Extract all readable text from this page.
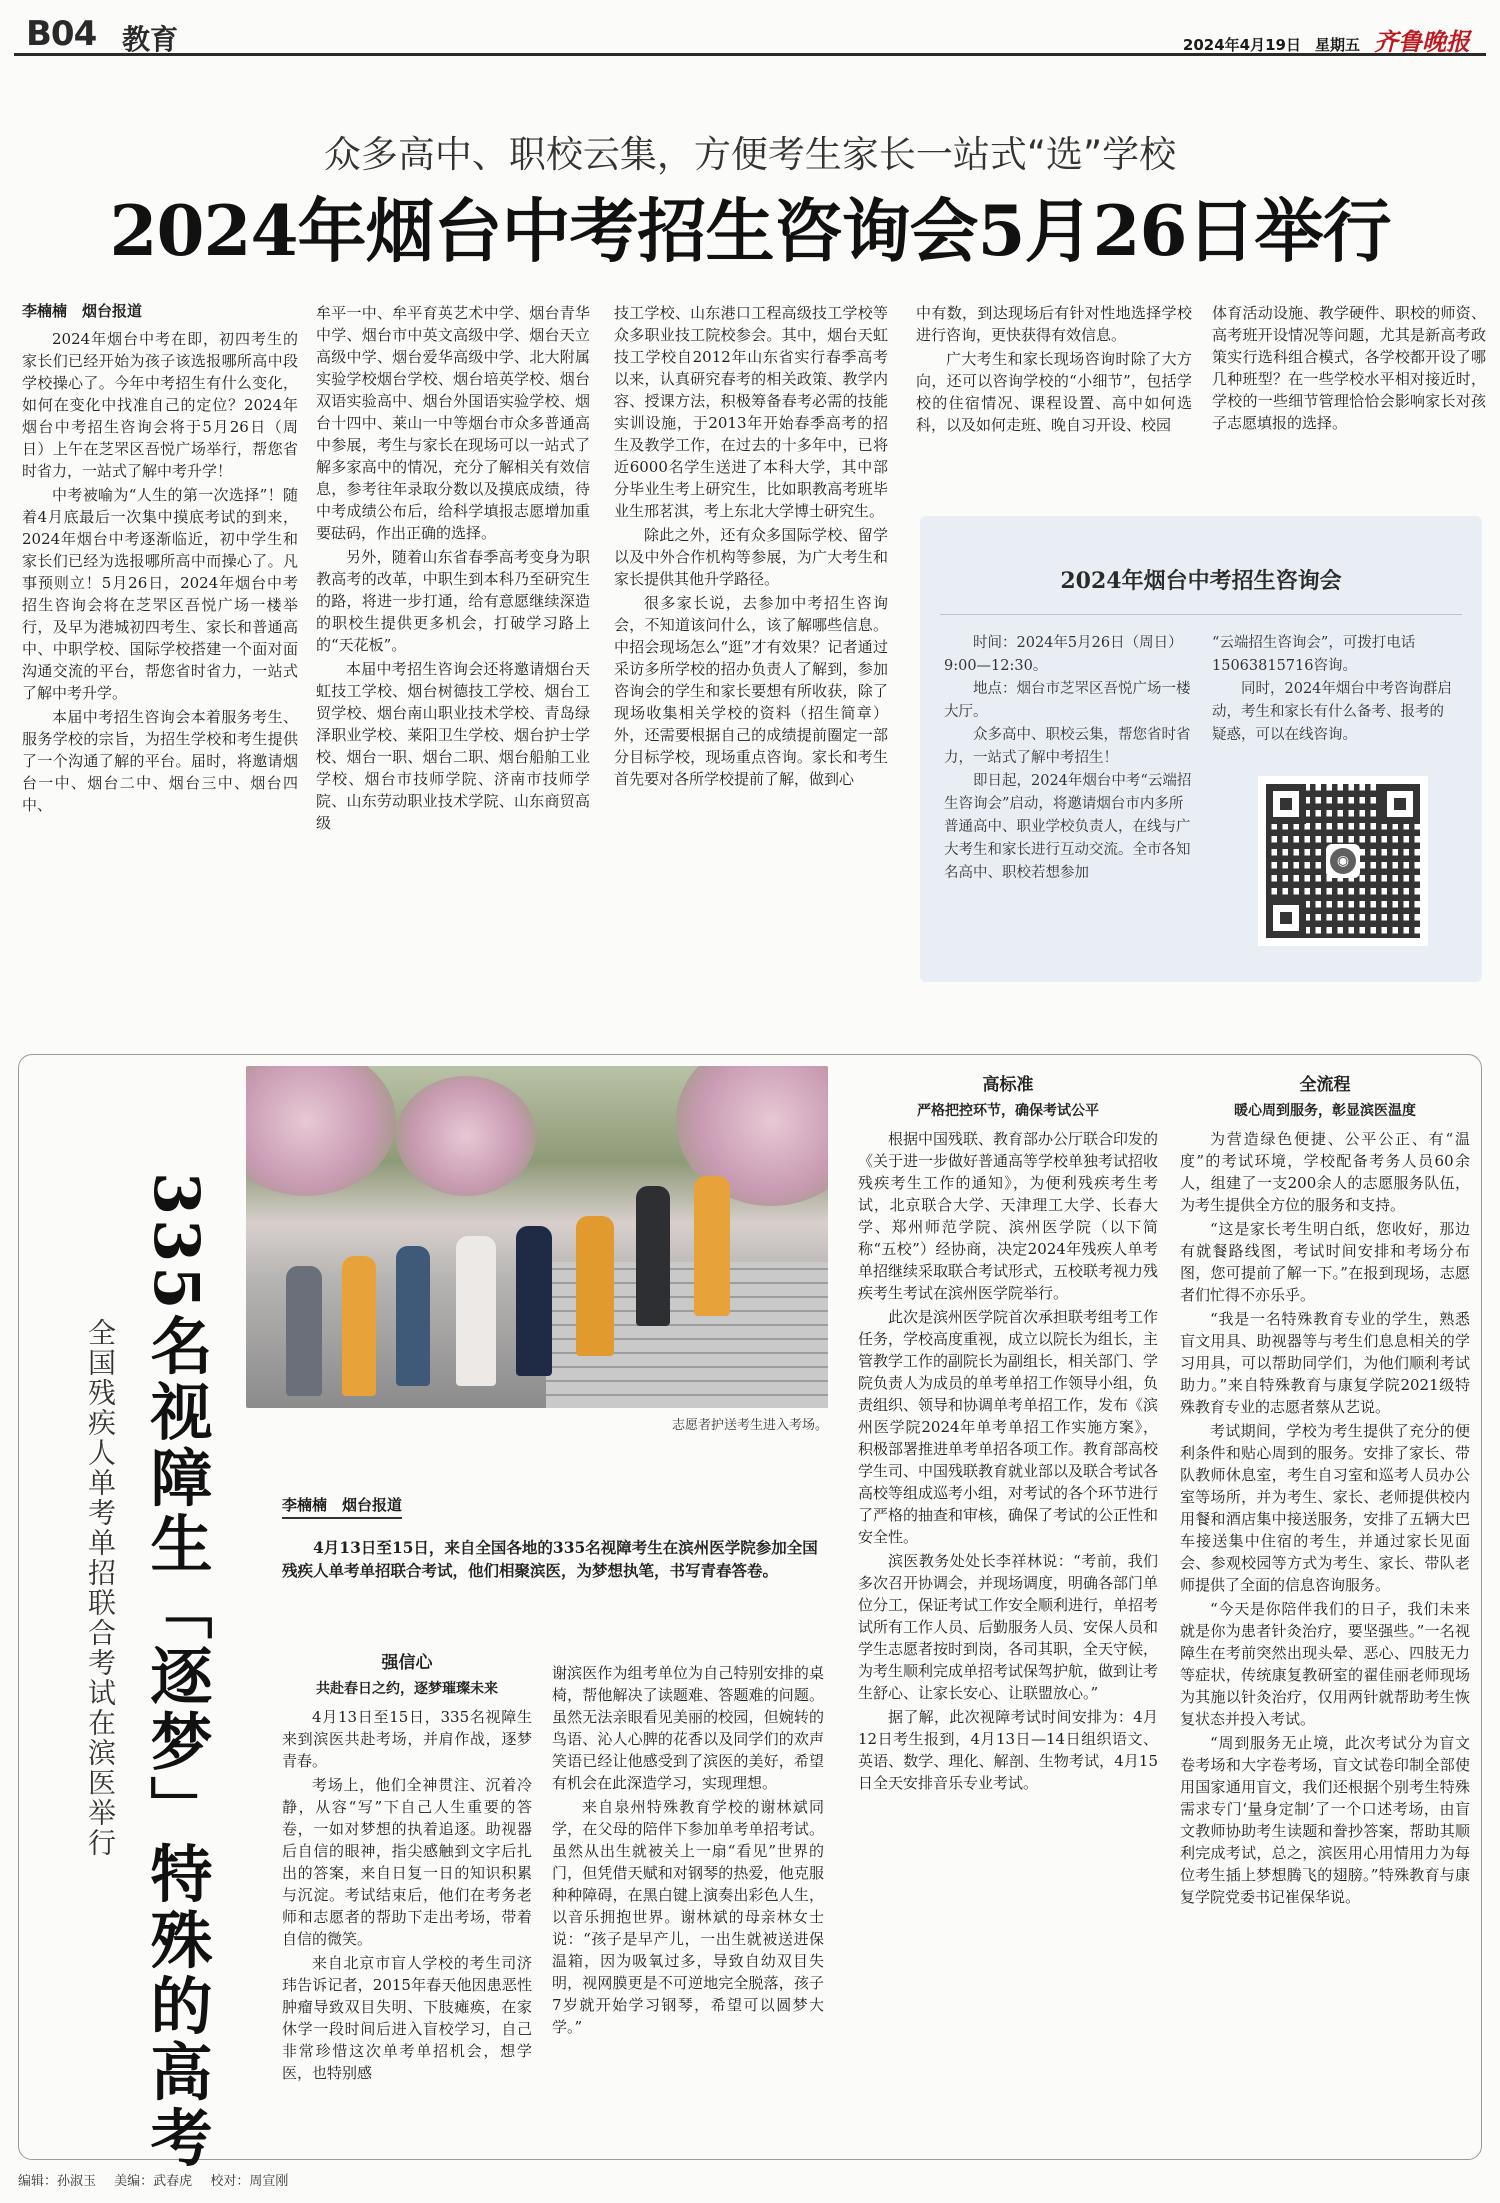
B04 教育	2024年4月19日 星期五 齐鲁晚报
众多高中、职校云集，方便考生家长一站式“选”学校
2024年烟台中考招生咨询会5月26日举行
李楠楠　烟台报道

2024年烟台中考在即，初四考生的家长们已经开始为孩子该选报哪所高中段学校操心了。今年中考招生有什么变化，如何在变化中找准自己的定位？2024年烟台中考招生咨询会将于5月26日（周日）上午在芝罘区吾悦广场举行，帮您省时省力，一站式了解中考升学！

中考被喻为“人生的第一次选择”！随着4月底最后一次集中摸底考试的到来，2024年烟台中考逐渐临近，初中学生和家长们已经为选报哪所高中而操心了。凡事预则立！5月26日，2024年烟台中考招生咨询会将在芝罘区吾悦广场一楼举行，及早为港城初四考生、家长和普通高中、中职学校、国际学校搭建一个面对面沟通交流的平台，帮您省时省力，一站式了解中考升学。

本届中考招生咨询会本着服务考生、服务学校的宗旨，为招生学校和考生提供了一个沟通了解的平台。届时，将邀请烟台一中、烟台二中、烟台三中、烟台四中、

牟平一中、牟平育英艺术中学、烟台青华中学、烟台市中英文高级中学、烟台天立高级中学、烟台爱华高级中学、北大附属实验学校烟台学校、烟台培英学校、烟台双语实验高中、烟台外国语实验学校、烟台十四中、莱山一中等烟台市众多普通高中参展，考生与家长在现场可以一站式了解多家高中的情况，充分了解相关有效信息，参考往年录取分数以及摸底成绩，待中考成绩公布后，给科学填报志愿增加重要砝码，作出正确的选择。

另外，随着山东省春季高考变身为职教高考的改革，中职生到本科乃至研究生的路，将进一步打通，给有意愿继续深造的职校生提供更多机会，打破学习路上的“天花板”。

本届中考招生咨询会还将邀请烟台天虹技工学校、烟台树德技工学校、烟台工贸学校、烟台南山职业技术学校、青岛绿泽职业学校、莱阳卫生学校、烟台护士学校、烟台一职、烟台二职、烟台船舶工业学校、烟台市技师学院、济南市技师学院、山东劳动职业技术学院、山东商贸高级

技工学校、山东港口工程高级技工学校等众多职业技工院校参会。其中，烟台天虹技工学校自2012年山东省实行春季高考以来，认真研究春考的相关政策、教学内容、授课方法，积极筹备春考必需的技能实训设施，于2013年开始春季高考的招生及教学工作，在过去的十多年中，已将近6000名学生送进了本科大学，其中部分毕业生考上研究生，比如职教高考班毕业生邢茗淇，考上东北大学博士研究生。

除此之外，还有众多国际学校、留学以及中外合作机构等参展，为广大考生和家长提供其他升学路径。

很多家长说，去参加中考招生咨询会，不知道该问什么，该了解哪些信息。中招会现场怎么“逛”才有效果？记者通过采访多所学校的招办负责人了解到，参加咨询会的学生和家长要想有所收获，除了现场收集相关学校的资料（招生简章）外，还需要根据自己的成绩提前圈定一部分目标学校，现场重点咨询。家长和考生首先要对各所学校提前了解，做到心

中有数，到达现场后有针对性地选择学校进行咨询，更快获得有效信息。

广大考生和家长现场咨询时除了大方向，还可以咨询学校的“小细节”，包括学校的住宿情况、课程设置、高中如何选科，以及如何走班、晚自习开设、校园

体育活动设施、教学硬件、职校的师资、高考班开设情况等问题，尤其是新高考政策实行选科组合模式，各学校都开设了哪几种班型？在一些学校水平相对接近时，学校的一些细节管理恰恰会影响家长对孩子志愿填报的选择。

2024年烟台中考招生咨询会

时间：2024年5月26日（周日）9:00—12:30。

地点：烟台市芝罘区吾悦广场一楼大厅。

众多高中、职校云集，帮您省时省力，一站式了解中考招生！

即日起，2024年烟台中考“云端招生咨询会”启动，将邀请烟台市内多所普通高中、职业学校负责人，在线与广大考生和家长进行互动交流。全市各知名高中、职校若想参加

“云端招生咨询会”，可拨打电话15063815716咨询。

同时，2024年烟台中考咨询群启动，考生和家长有什么备考、报考的疑惑，可以在线咨询。

◉
335名视障生「逐梦」特殊的高考
全国残疾人单考单招联合考试在滨医举行	志愿者护送考生进入考场。
李楠楠　烟台报道

4月13日至15日，来自全国各地的335名视障考生在滨州医学院参加全国残疾人单考单招联合考试，他们相聚滨医，为梦想执笔，书写青春答卷。

强信心
共赴春日之约，逐梦璀璨未来

4月13日至15日，335名视障生来到滨医共赴考场，并肩作战，逐梦青春。

考场上，他们全神贯注、沉着冷静，从容“写”下自己人生重要的答卷，一如对梦想的执着追逐。助视器后自信的眼神，指尖感触到文字后扎出的答案，来自日复一日的知识积累与沉淀。考试结束后，他们在考务老师和志愿者的帮助下走出考场，带着自信的微笑。

来自北京市盲人学校的考生司济玮告诉记者，2015年春天他因患恶性肿瘤导致双目失明、下肢瘫痪，在家休学一段时间后进入盲校学习，自己非常珍惜这次单考单招机会，想学医，也特别感

谢滨医作为组考单位为自己特别安排的桌椅，帮他解决了读题难、答题难的问题。虽然无法亲眼看见美丽的校园，但婉转的鸟语、沁人心脾的花香以及同学们的欢声笑语已经让他感受到了滨医的美好，希望有机会在此深造学习，实现理想。

来自泉州特殊教育学校的谢林斌同学，在父母的陪伴下参加单考单招考试。虽然从出生就被关上一扇“看见”世界的门，但凭借天赋和对钢琴的热爱，他克服种种障碍，在黑白键上演奏出彩色人生，以音乐拥抱世界。谢林斌的母亲林女士说：“孩子是早产儿，一出生就被送进保温箱，因为吸氧过多，导致自幼双目失明，视网膜更是不可逆地完全脱落，孩子7岁就开始学习钢琴，希望可以圆梦大学。”

高标准
严格把控环节，确保考试公平

根据中国残联、教育部办公厅联合印发的《关于进一步做好普通高等学校单独考试招收残疾考生工作的通知》，为便利残疾考生考试，北京联合大学、天津理工大学、长春大学、郑州师范学院、滨州医学院（以下简称“五校”）经协商，决定2024年残疾人单考单招继续采取联合考试形式，五校联考视力残疾考生考试在滨州医学院举行。

此次是滨州医学院首次承担联考组考工作任务，学校高度重视，成立以院长为组长，主管教学工作的副院长为副组长，相关部门、学院负责人为成员的单考单招工作领导小组，负责组织、领导和协调单考单招工作，发布《滨州医学院2024年单考单招工作实施方案》，积极部署推进单考单招各项工作。教育部高校学生司、中国残联教育就业部以及联合考试各高校等组成巡考小组，对考试的各个环节进行了严格的抽查和审核，确保了考试的公正性和安全性。

滨医教务处处长李祥林说：“考前，我们多次召开协调会，并现场调度，明确各部门单位分工，保证考试工作安全顺利进行，单招考试所有工作人员、后勤服务人员、安保人员和学生志愿者按时到岗，各司其职，全天守候，为考生顺利完成单招考试保驾护航，做到让考生舒心、让家长安心、让联盟放心。”

据了解，此次视障考试时间安排为：4月12日考生报到，4月13日—14日组织语文、英语、数学、理化、解剖、生物考试，4月15日全天安排音乐专业考试。

全流程
暖心周到服务，彰显滨医温度

为营造绿色便捷、公平公正、有“温度”的考试环境，学校配备考务人员60余人，组建了一支200余人的志愿服务队伍，为考生提供全方位的服务和支持。

“这是家长考生明白纸，您收好，那边有就餐路线图，考试时间安排和考场分布图，您可提前了解一下。”在报到现场，志愿者们忙得不亦乐乎。

“我是一名特殊教育专业的学生，熟悉盲文用具、助视器等与考生们息息相关的学习用具，可以帮助同学们，为他们顺利考试助力。”来自特殊教育与康复学院2021级特殊教育专业的志愿者蔡从艺说。

考试期间，学校为考生提供了充分的便利条件和贴心周到的服务。安排了家长、带队教师休息室，考生自习室和巡考人员办公室等场所，并为考生、家长、老师提供校内用餐和酒店集中接送服务，安排了五辆大巴车接送集中住宿的考生，并通过家长见面会、参观校园等方式为考生、家长、带队老师提供了全面的信息咨询服务。

“今天是你陪伴我们的日子，我们未来就是你为患者针灸治疗，要坚强些。”一名视障生在考前突然出现头晕、恶心、四肢无力等症状，传统康复教研室的翟佳丽老师现场为其施以针灸治疗，仅用两针就帮助考生恢复状态并投入考试。

“周到服务无止境，此次考试分为盲文卷考场和大字卷考场，盲文试卷印制全部使用国家通用盲文，我们还根据个别考生特殊需求专门‘量身定制’了一个口述考场，由盲文教师协助考生读题和誊抄答案，帮助其顺利完成考试，总之，滨医用心用情用力为每位考生插上梦想腾飞的翅膀。”特殊教育与康复学院党委书记崔保华说。

编辑：孙淑玉 美编：武春虎 校对：周宣刚
